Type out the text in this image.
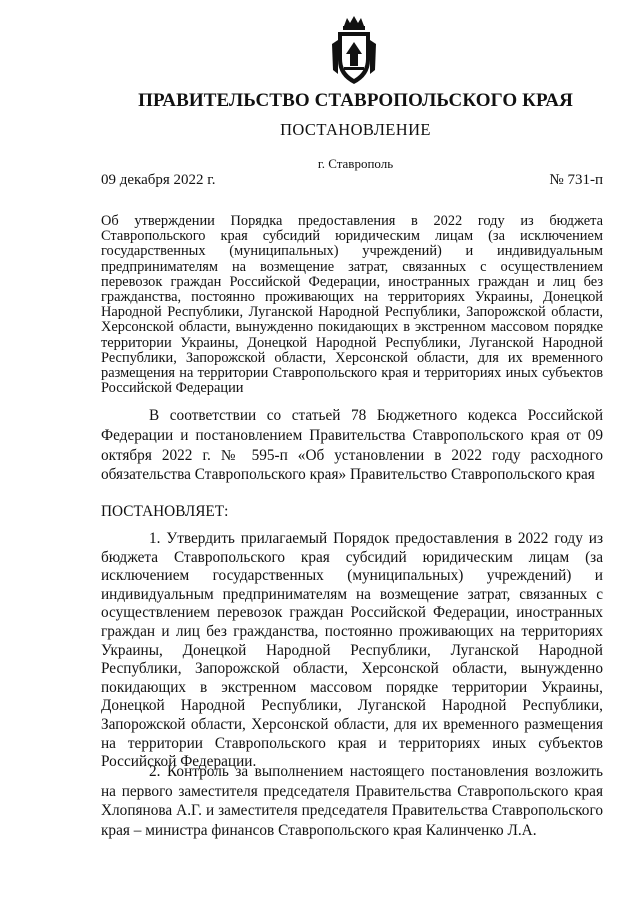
ПРАВИТЕЛЬСТВО СТАВРОПОЛЬСКОГО КРАЯ
ПОСТАНОВЛЕНИЕ
г. Ставрополь
09 декабря 2022 г.	№ 731-п

Об утверждении Порядка предоставления в 2022 году из бюджета Ставропольского края субсидий юридическим лицам (за исключением государственных (муниципальных) учреждений) и индивидуальным предпринимателям на возмещение затрат, связанных с осуществлением перевозок граждан Российской Федерации, иностранных граждан и лиц без гражданства, постоянно проживающих на территориях Украины, Донецкой Народной Республики, Луганской Народной Республики, Запорожской области, Херсонской области, вынужденно покидающих в экстренном массовом порядке территории Украины, Донецкой Народной Республики, Луганской Народной Республики, Запорожской области, Херсонской области, для их временного размещения на территории Ставропольского края и территориях иных субъектов Российской Федерации

В соответствии со статьей 78 Бюджетного кодекса Российской Федерации и постановлением Правительства Ставропольского края от 09 октября 2022 г. № 595-п «Об установлении в 2022 году расходного обязательства Ставропольского края» Правительство Ставропольского края

ПОСТАНОВЛЯЕТ:

1. Утвердить прилагаемый Порядок предоставления в 2022 году из бюджета Ставропольского края субсидий юридическим лицам (за исключением государственных (муниципальных) учреждений) и индивидуальным предпринимателям на возмещение затрат, связанных с осуществлением перевозок граждан Российской Федерации, иностранных граждан и лиц без гражданства, постоянно проживающих на территориях Украины, Донецкой Народной Республики, Луганской Народной Республики, Запорожской области, Херсонской области, вынужденно покидающих в экстренном массовом порядке территории Украины, Донецкой Народной Республики, Луганской Народной Республики, Запорожской области, Херсонской области, для их временного размещения на территории Ставропольского края и территориях иных субъектов Российской Федерации.

2. Контроль за выполнением настоящего постановления возложить на первого заместителя председателя Правительства Ставропольского края Хлопянова А.Г. и заместителя председателя Правительства Ставропольского края – министра финансов Ставропольского края Калинченко Л.А.
